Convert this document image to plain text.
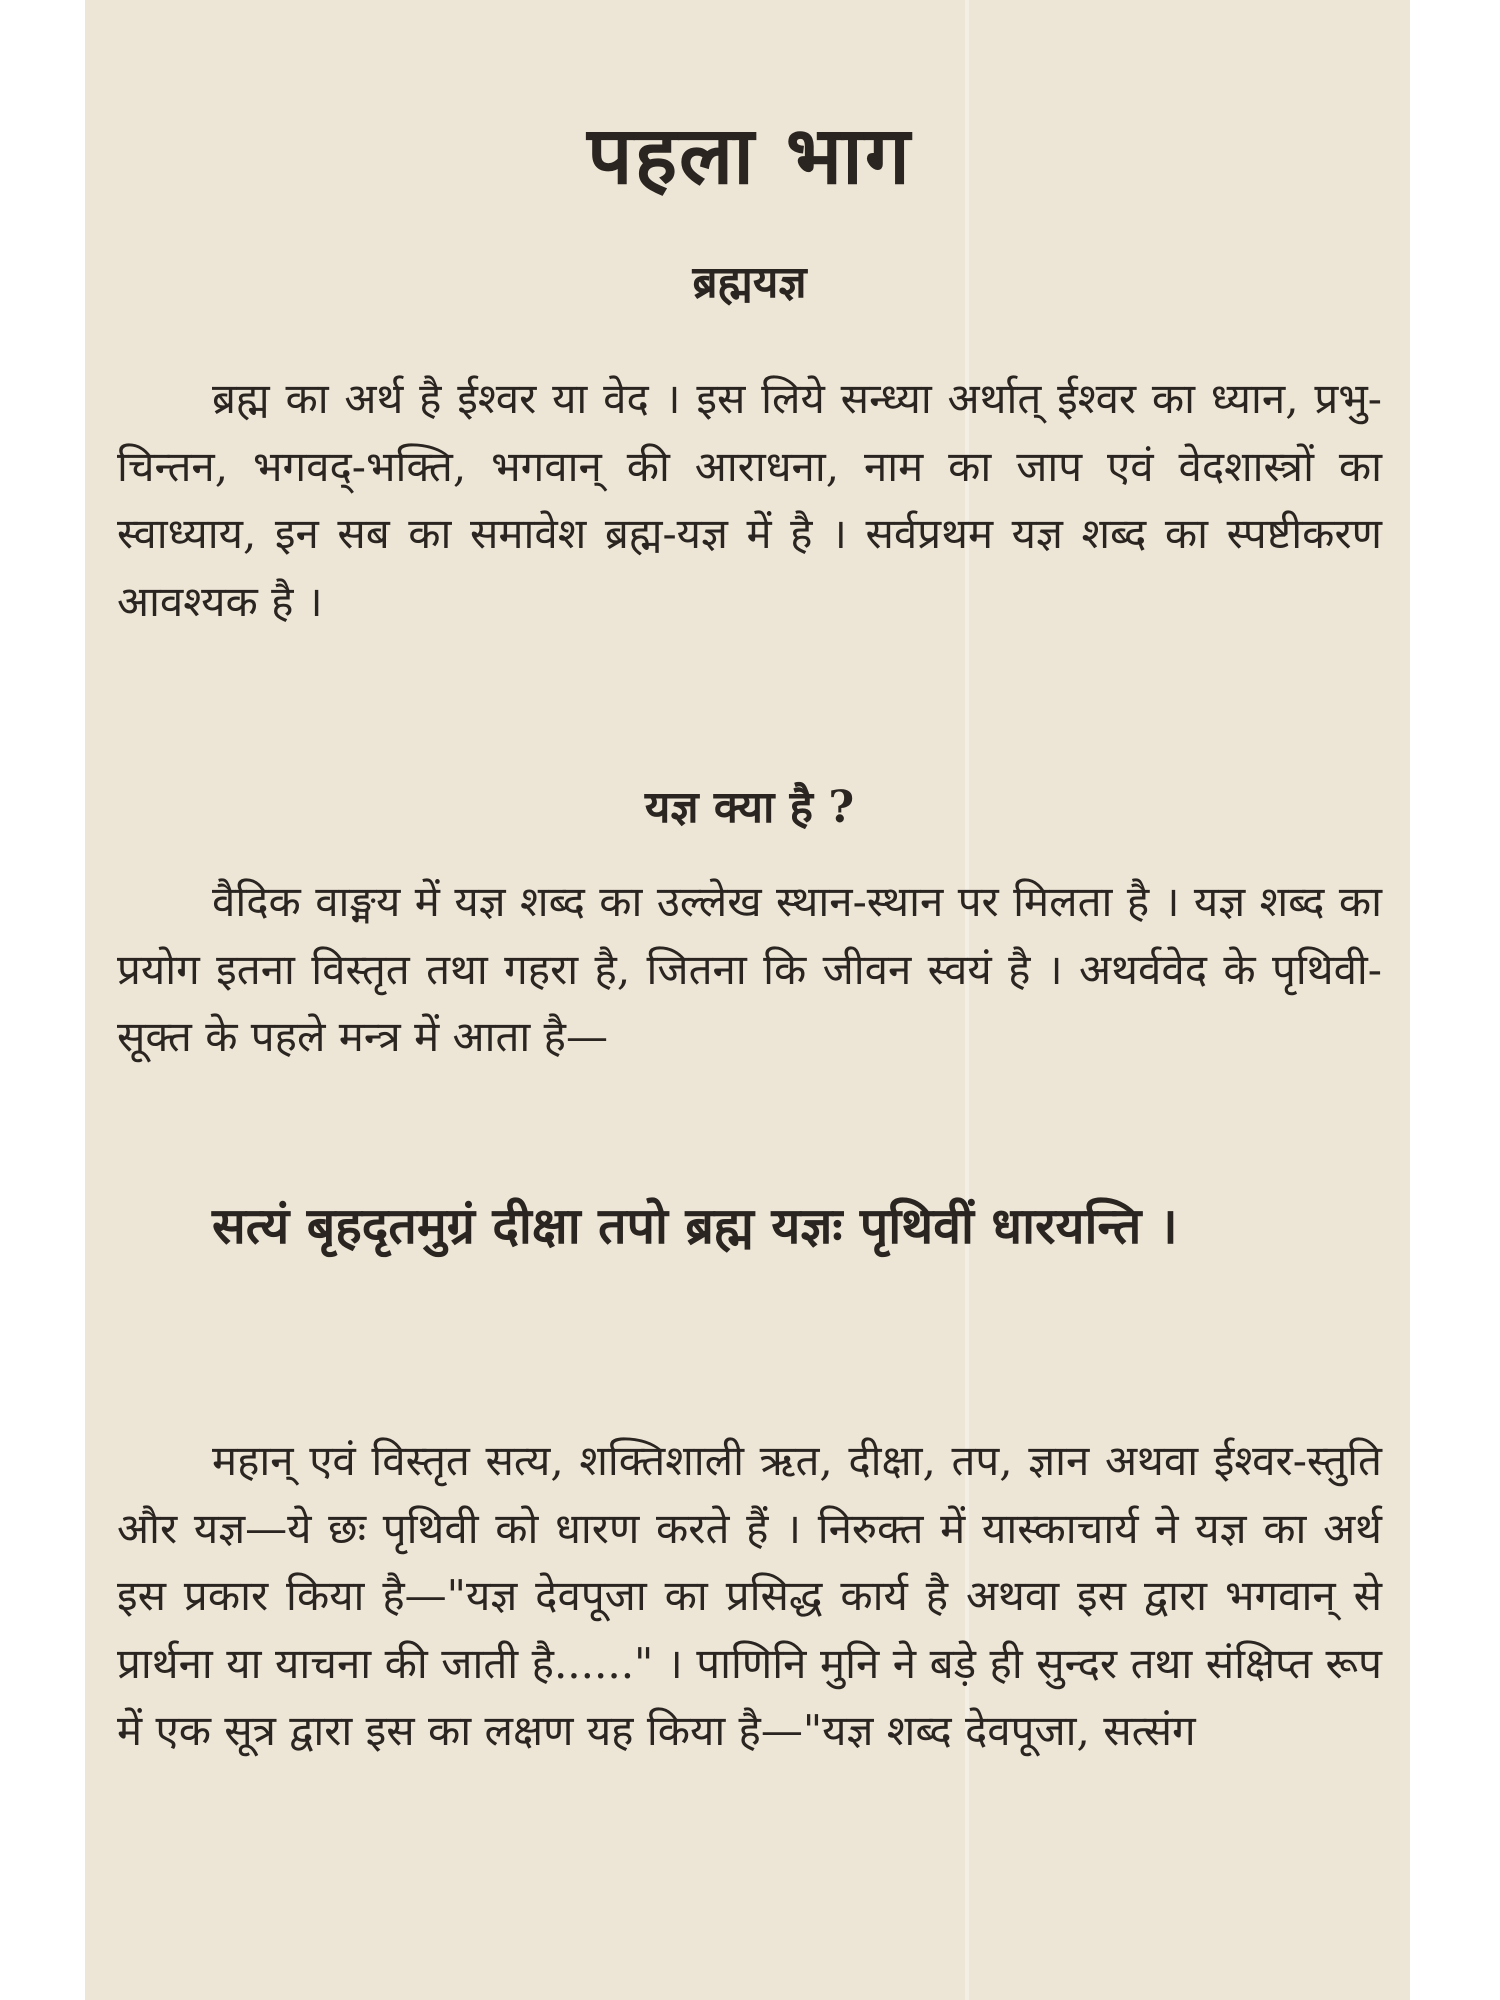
पहला भाग
ब्रह्मयज्ञ

ब्रह्म का अर्थ है ईश्वर या वेद । इस लिये सन्ध्या अर्थात् ईश्वर का ध्यान, प्रभु-चिन्तन, भगवद्-भक्ति, भगवान् की आराधना, नाम का जाप एवं वेदशास्त्रों का स्वाध्याय, इन सब का समावेश ब्रह्म-यज्ञ में है । सर्वप्रथम यज्ञ शब्द का स्पष्टीकरण आवश्यक है ।

यज्ञ क्या है ?

वैदिक वाङ्मय में यज्ञ शब्द का उल्लेख स्थान-स्थान पर मिलता है । यज्ञ शब्द का प्रयोग इतना विस्तृत तथा गहरा है, जितना कि जीवन स्वयं है । अथर्ववेद के पृथिवी-सूक्त के पहले मन्त्र में आता है—

सत्यं बृहदृतमुग्रं दीक्षा तपो ब्रह्म यज्ञः पृथिवीं धारयन्ति ।

महान् एवं विस्तृत सत्य, शक्तिशाली ऋत, दीक्षा, तप, ज्ञान अथवा ईश्वर-स्तुति और यज्ञ—ये छः पृथिवी को धारण करते हैं । निरुक्त में यास्काचार्य ने यज्ञ का अर्थ इस प्रकार किया है—"यज्ञ देवपूजा का प्रसिद्ध कार्य है अथवा इस द्वारा भगवान् से प्रार्थना या याचना की जाती है......" । पाणिनि मुनि ने बड़े ही सुन्दर तथा संक्षिप्त रूप में एक सूत्र द्वारा इस का लक्षण यह किया है—"यज्ञ शब्द देवपूजा, सत्संग
